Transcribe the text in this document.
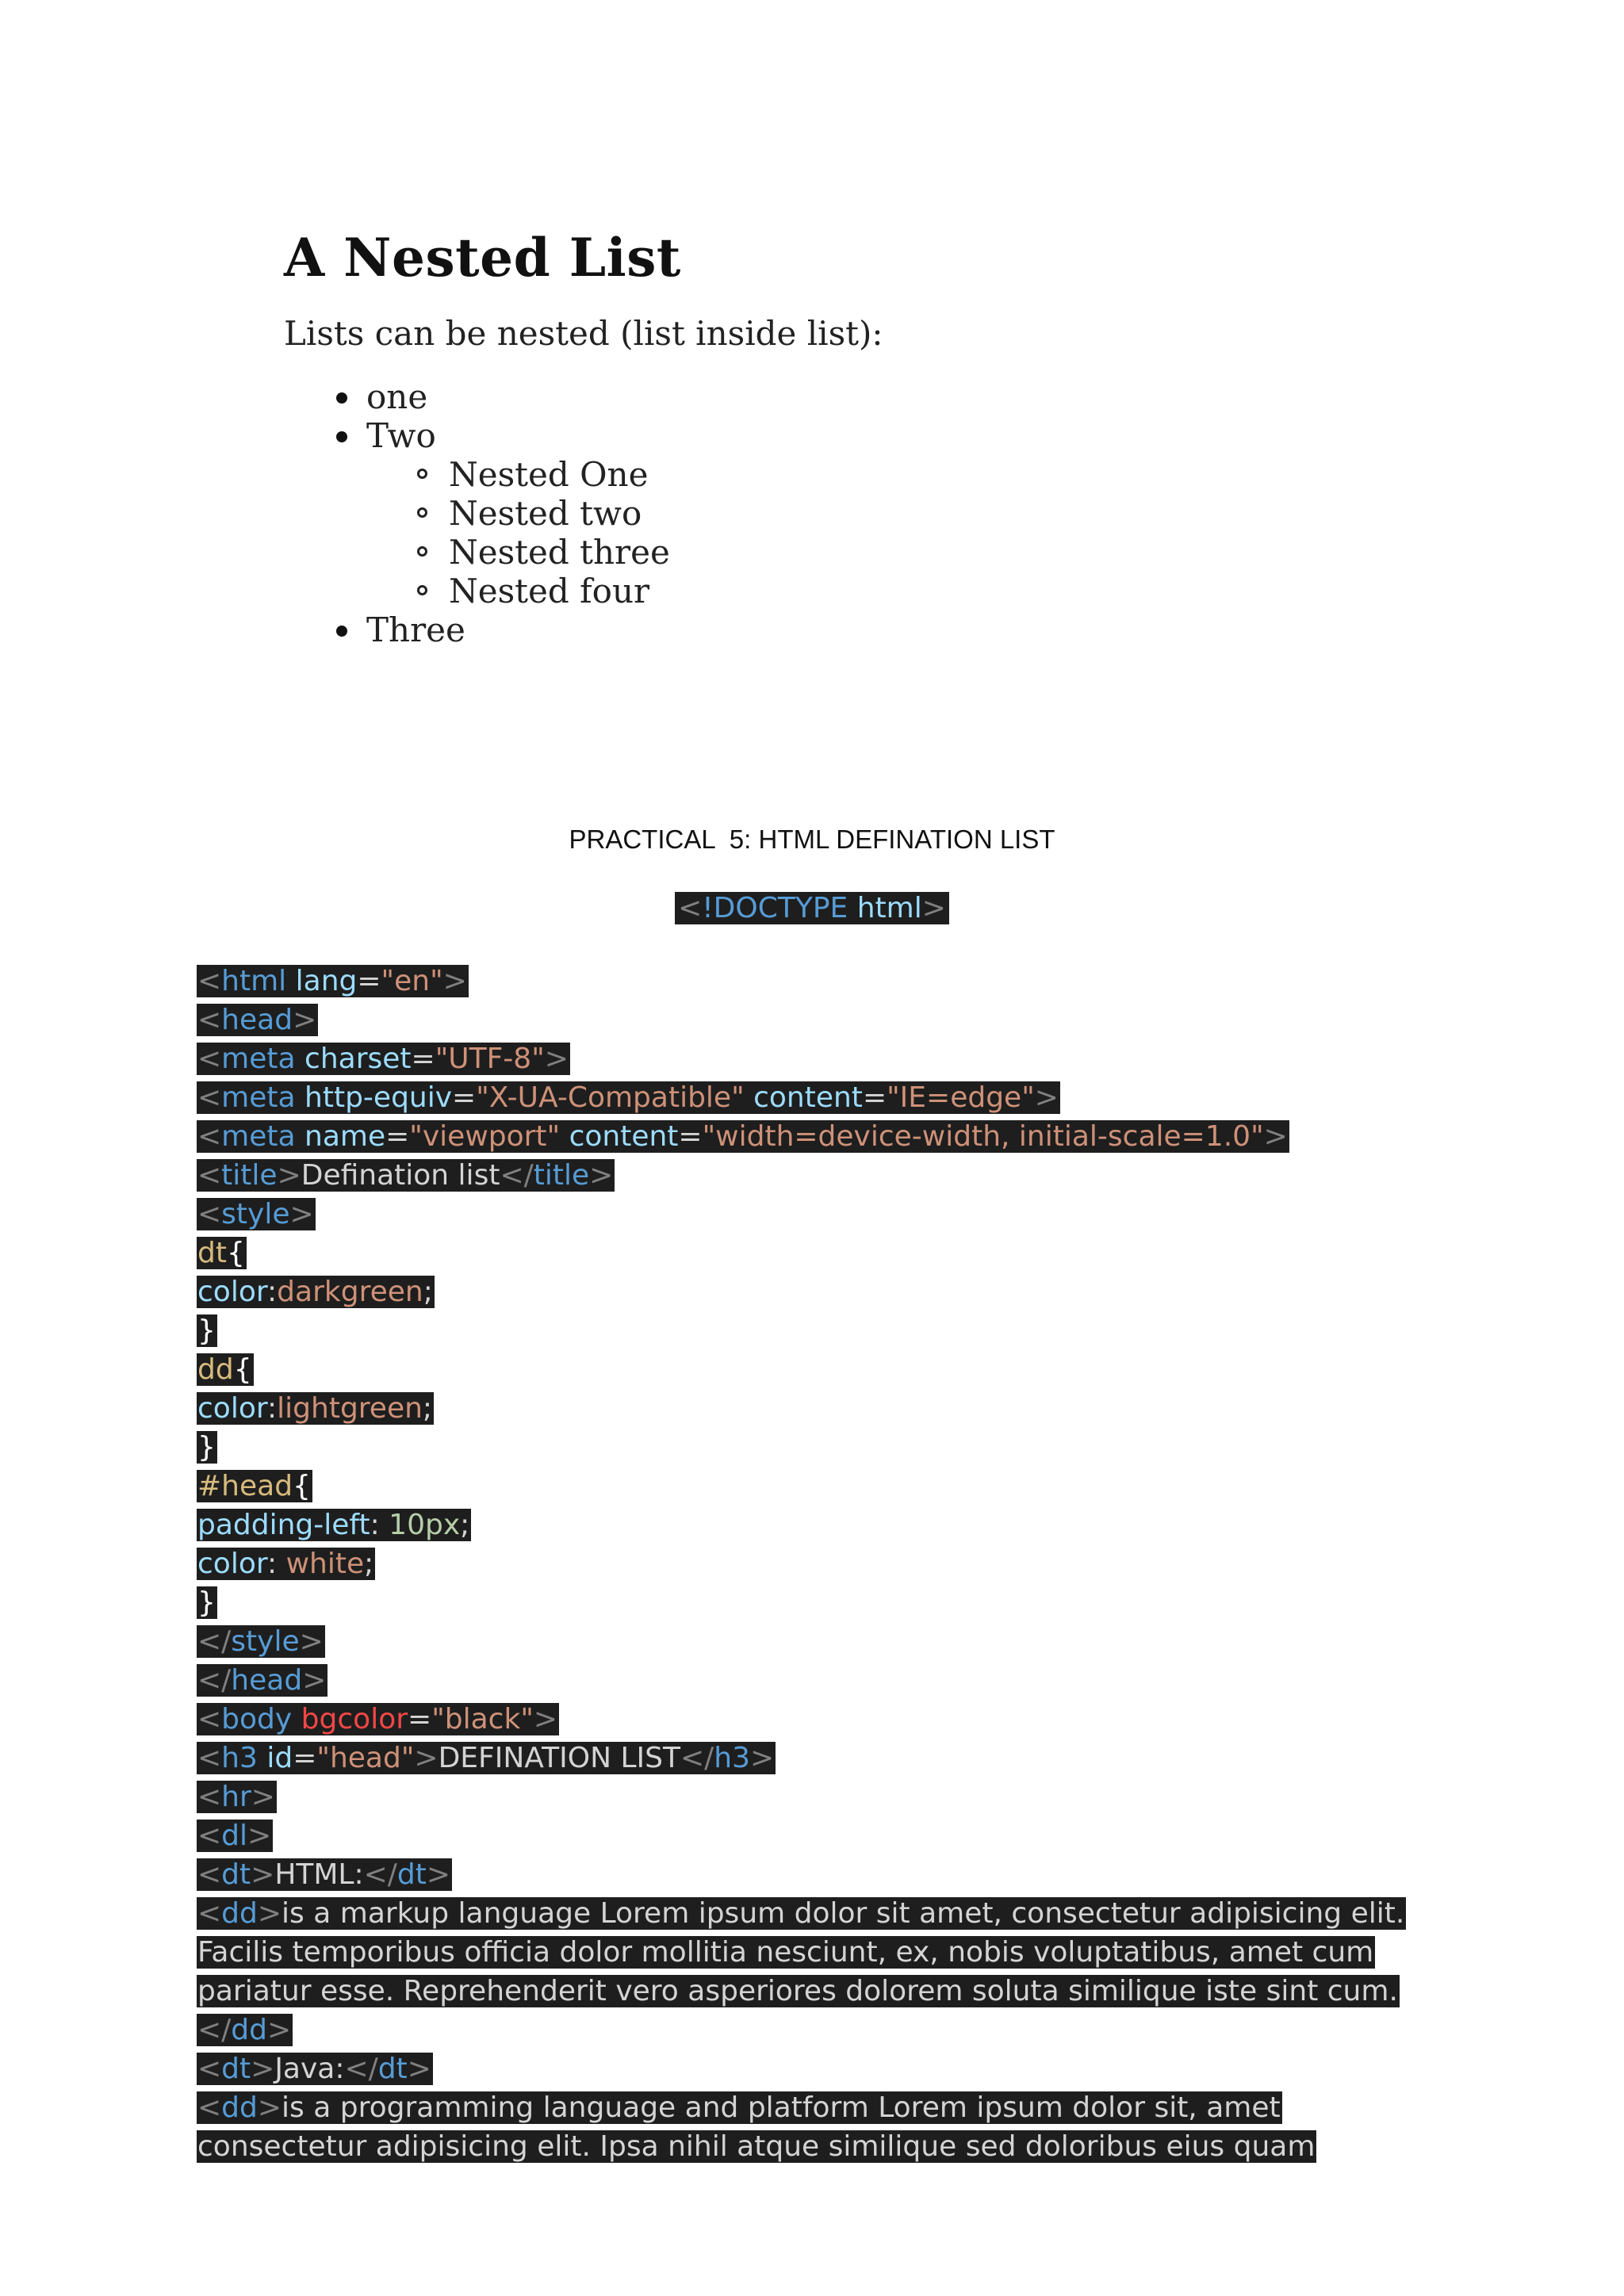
A Nested List

Lists can be nested (list inside list):

one
Two
Nested One
Nested two
Nested three
Nested four
Three
PRACTICAL  5: HTML DEFINATION LIST
<!DOCTYPE html>
<html lang="en">
<head>
<meta charset="UTF-8">
<meta http-equiv="X-UA-Compatible" content="IE=edge">
<meta name="viewport" content="width=device-width, initial-scale=1.0">
<title>Defination list</title>
<style>
dt{
color:darkgreen;
}
dd{
color:lightgreen;
}
#head{
padding-left: 10px;
color: white;
}
</style>
</head>
<body bgcolor="black">
<h3 id="head">DEFINATION LIST</h3>
<hr>
<dl>
<dt>HTML:</dt>
<dd>is a markup language Lorem ipsum dolor sit amet, consectetur adipisicing elit.
Facilis temporibus officia dolor mollitia nesciunt, ex, nobis voluptatibus, amet cum
pariatur esse. Reprehenderit vero asperiores dolorem soluta similique iste sint cum.
</dd>
<dt>Java:</dt>
<dd>is a programming language and platform Lorem ipsum dolor sit, amet
consectetur adipisicing elit. Ipsa nihil atque similique sed doloribus eius quam
